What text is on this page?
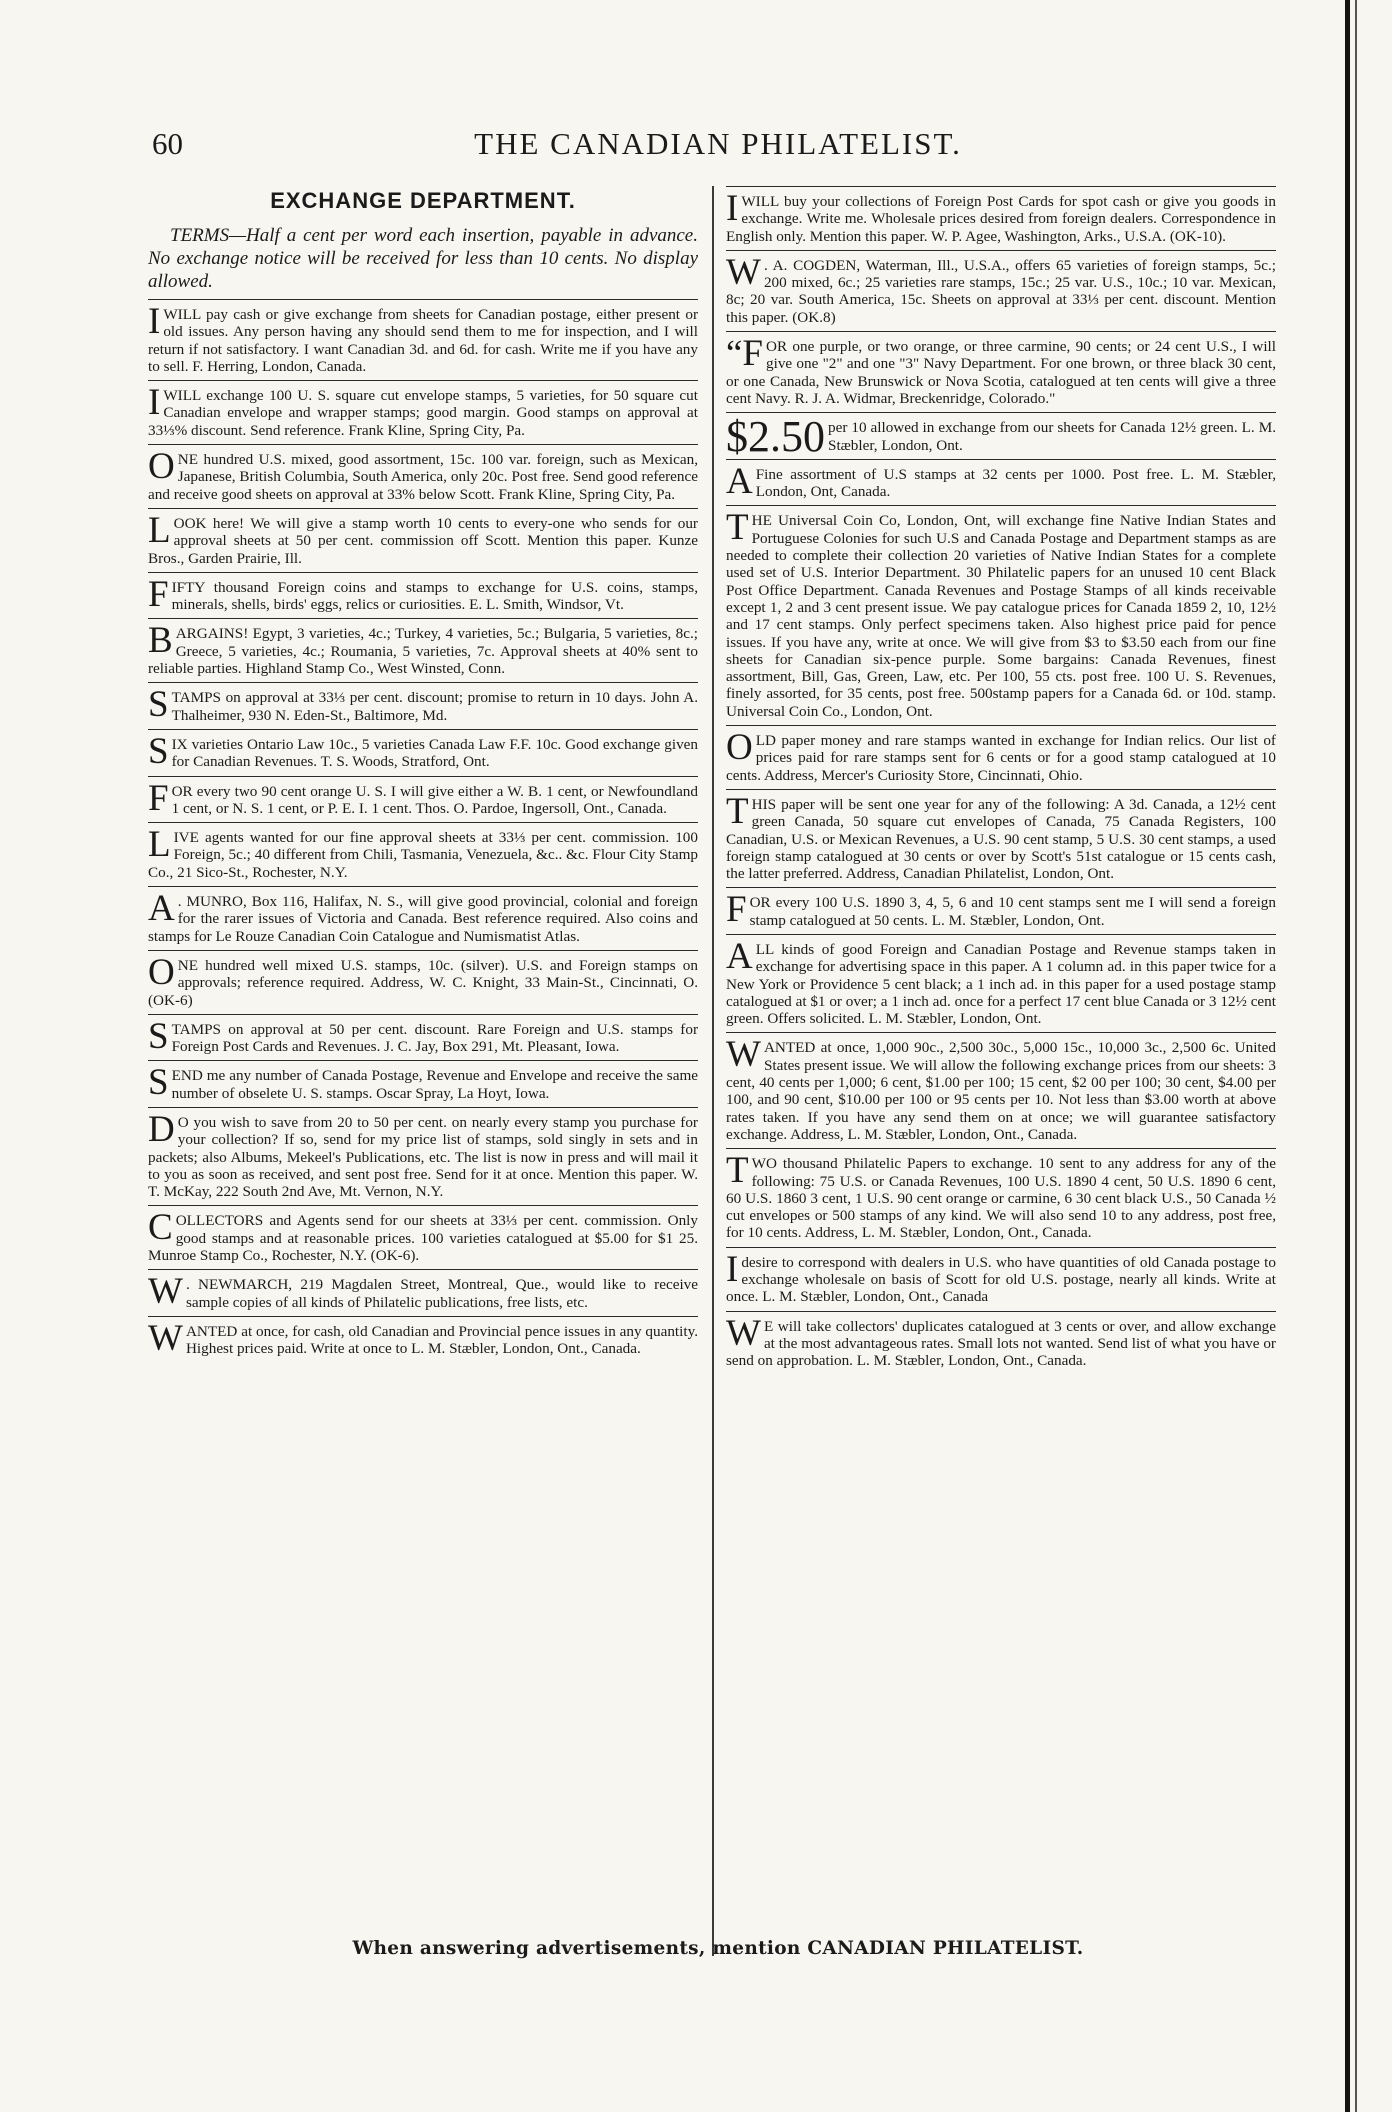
60	THE CANADIAN PHILATELIST.
EXCHANGE DEPARTMENT.

TERMS—Half a cent per word each insertion, payable in advance. No exchange notice will be received for less than 10 cents. No display allowed.

IWILL pay cash or give exchange from sheets for Canadian postage, either present or old issues. Any person having any should send them to me for inspection, and I will return if not satisfactory. I want Canadian 3d. and 6d. for cash. Write me if you have any to sell. F. Herring, London, Canada.

IWILL exchange 100 U. S. square cut envelope stamps, 5 varieties, for 50 square cut Canadian envelope and wrapper stamps; good margin. Good stamps on approval at 33⅓% discount. Send reference. Frank Kline, Spring City, Pa.

ONE hundred U.S. mixed, good assortment, 15c. 100 var. foreign, such as Mexican, Japanese, British Columbia, South America, only 20c. Post free. Send good reference and receive good sheets on approval at 33% below Scott. Frank Kline, Spring City, Pa.

LOOK here! We will give a stamp worth 10 cents to every-one who sends for our approval sheets at 50 per cent. commission off Scott. Mention this paper. Kunze Bros., Garden Prairie, Ill.

FIFTY thousand Foreign coins and stamps to exchange for U.S. coins, stamps, minerals, shells, birds' eggs, relics or curiosities. E. L. Smith, Windsor, Vt.

BARGAINS! Egypt, 3 varieties, 4c.; Turkey, 4 varieties, 5c.; Bulgaria, 5 varieties, 8c.; Greece, 5 varieties, 4c.; Roumania, 5 varieties, 7c. Approval sheets at 40% sent to reliable parties. Highland Stamp Co., West Winsted, Conn.

STAMPS on approval at 33⅓ per cent. discount; promise to return in 10 days. John A. Thalheimer, 930 N. Eden-St., Baltimore, Md.

SIX varieties Ontario Law 10c., 5 varieties Canada Law F.F. 10c. Good exchange given for Canadian Revenues. T. S. Woods, Stratford, Ont.

FOR every two 90 cent orange U. S. I will give either a W. B. 1 cent, or Newfoundland 1 cent, or N. S. 1 cent, or P. E. I. 1 cent. Thos. O. Pardoe, Ingersoll, Ont., Canada.

LIVE agents wanted for our fine approval sheets at 33⅓ per cent. commission. 100 Foreign, 5c.; 40 different from Chili, Tasmania, Venezuela, &c.. &c. Flour City Stamp Co., 21 Sico-St., Rochester, N.Y.

A . MUNRO, Box 116, Halifax, N. S., will give good provincial, colonial and foreign for the rarer issues of Victoria and Canada. Best reference required. Also coins and stamps for Le Rouze Canadian Coin Catalogue and Numismatist Atlas.

ONE hundred well mixed U.S. stamps, 10c. (silver). U.S. and Foreign stamps on approvals; reference required. Address, W. C. Knight, 33 Main-St., Cincinnati, O. (OK-6)

STAMPS on approval at 50 per cent. discount. Rare Foreign and U.S. stamps for Foreign Post Cards and Revenues. J. C. Jay, Box 291, Mt. Pleasant, Iowa.

SEND me any number of Canada Postage, Revenue and Envelope and receive the same number of obselete U. S. stamps. Oscar Spray, La Hoyt, Iowa.

D O you wish to save from 20 to 50 per cent. on nearly every stamp you purchase for your collection? If so, send for my price list of stamps, sold singly in sets and in packets; also Albums, Mekeel's Publications, etc. The list is now in press and will mail it to you as soon as received, and sent post free. Send for it at once. Mention this paper. W. T. McKay, 222 South 2nd Ave, Mt. Vernon, N.Y.

COLLECTORS and Agents send for our sheets at 33⅓ per cent. commission. Only good stamps and at reasonable prices. 100 varieties catalogued at $5.00 for $1 25. Munroe Stamp Co., Rochester, N.Y. (OK-6).

W . NEWMARCH, 219 Magdalen Street, Montreal, Que., would like to receive sample copies of all kinds of Philatelic publications, free lists, etc.

WANTED at once, for cash, old Canadian and Provincial pence issues in any quantity. Highest prices paid. Write at once to L. M. Stæbler, London, Ont., Canada.

IWILL buy your collections of Foreign Post Cards for spot cash or give you goods in exchange. Write me. Wholesale prices desired from foreign dealers. Correspondence in English only. Mention this paper. W. P. Agee, Washington, Arks., U.S.A. (OK-10).

W . A. COGDEN, Waterman, Ill., U.S.A., offers 65 varieties of foreign stamps, 5c.; 200 mixed, 6c.; 25 varieties rare stamps, 15c.; 25 var. U.S., 10c.; 10 var. Mexican, 8c; 20 var. South America, 15c. Sheets on approval at 33⅓ per cent. discount. Mention this paper. (OK.8)

“FOR one purple, or two orange, or three carmine, 90 cents; or 24 cent U.S., I will give one "2" and one "3" Navy Department. For one brown, or three black 30 cent, or one Canada, New Brunswick or Nova Scotia, catalogued at ten cents will give a three cent Navy. R. J. A. Widmar, Breckenridge, Colorado."

$2.50 per 10 allowed in exchange from our sheets for Canada 12½ green. L. M. Stæbler, London, Ont.

A Fine assortment of U.S stamps at 32 cents per 1000. Post free. L. M. Stæbler, London, Ont, Canada.

THE Universal Coin Co, London, Ont, will exchange fine Native Indian States and Portuguese Colonies for such U.S and Canada Postage and Department stamps as are needed to complete their collection 20 varieties of Native Indian States for a complete used set of U.S. Interior Department. 30 Philatelic papers for an unused 10 cent Black Post Office Department. Canada Revenues and Postage Stamps of all kinds receivable except 1, 2 and 3 cent present issue. We pay catalogue prices for Canada 1859 2, 10, 12½ and 17 cent stamps. Only perfect specimens taken. Also highest price paid for pence issues. If you have any, write at once. We will give from $3 to $3.50 each from our fine sheets for Canadian six-pence purple. Some bargains: Canada Revenues, finest assortment, Bill, Gas, Green, Law, etc. Per 100, 55 cts. post free. 100 U. S. Revenues, finely assorted, for 35 cents, post free. 500stamp papers for a Canada 6d. or 10d. stamp. Universal Coin Co., London, Ont.

OLD paper money and rare stamps wanted in exchange for Indian relics. Our list of prices paid for rare stamps sent for 6 cents or for a good stamp catalogued at 10 cents. Address, Mercer's Curiosity Store, Cincinnati, Ohio.

THIS paper will be sent one year for any of the following: A 3d. Canada, a 12½ cent green Canada, 50 square cut envelopes of Canada, 75 Canada Registers, 100 Canadian, U.S. or Mexican Revenues, a U.S. 90 cent stamp, 5 U.S. 30 cent stamps, a used foreign stamp catalogued at 30 cents or over by Scott's 51st catalogue or 15 cents cash, the latter preferred. Address, Canadian Philatelist, London, Ont.

FOR every 100 U.S. 1890 3, 4, 5, 6 and 10 cent stamps sent me I will send a foreign stamp catalogued at 50 cents. L. M. Stæbler, London, Ont.

ALL kinds of good Foreign and Canadian Postage and Revenue stamps taken in exchange for advertising space in this paper. A 1 column ad. in this paper twice for a New York or Providence 5 cent black; a 1 inch ad. in this paper for a used postage stamp catalogued at $1 or over; a 1 inch ad. once for a perfect 17 cent blue Canada or 3 12½ cent green. Offers solicited. L. M. Stæbler, London, Ont.

WANTED at once, 1,000 90c., 2,500 30c., 5,000 15c., 10,000 3c., 2,500 6c. United States present issue. We will allow the following exchange prices from our sheets: 3 cent, 40 cents per 1,000; 6 cent, $1.00 per 100; 15 cent, $2 00 per 100; 30 cent, $4.00 per 100, and 90 cent, $10.00 per 100 or 95 cents per 10. Not less than $3.00 worth at above rates taken. If you have any send them on at once; we will guarantee satisfactory exchange. Address, L. M. Stæbler, London, Ont., Canada.

TWO thousand Philatelic Papers to exchange. 10 sent to any address for any of the following: 75 U.S. or Canada Revenues, 100 U.S. 1890 4 cent, 50 U.S. 1890 6 cent, 60 U.S. 1860 3 cent, 1 U.S. 90 cent orange or carmine, 6 30 cent black U.S., 50 Canada ½ cut envelopes or 500 stamps of any kind. We will also send 10 to any address, post free, for 10 cents. Address, L. M. Stæbler, London, Ont., Canada.

Idesire to correspond with dealers in U.S. who have quantities of old Canada postage to exchange wholesale on basis of Scott for old U.S. postage, nearly all kinds. Write at once. L. M. Stæbler, London, Ont., Canada

W E will take collectors' duplicates catalogued at 3 cents or over, and allow exchange at the most advantageous rates. Small lots not wanted. Send list of what you have or send on approbation. L. M. Stæbler, London, Ont., Canada.

When answering advertisements, mention CANADIAN PHILATELIST.
